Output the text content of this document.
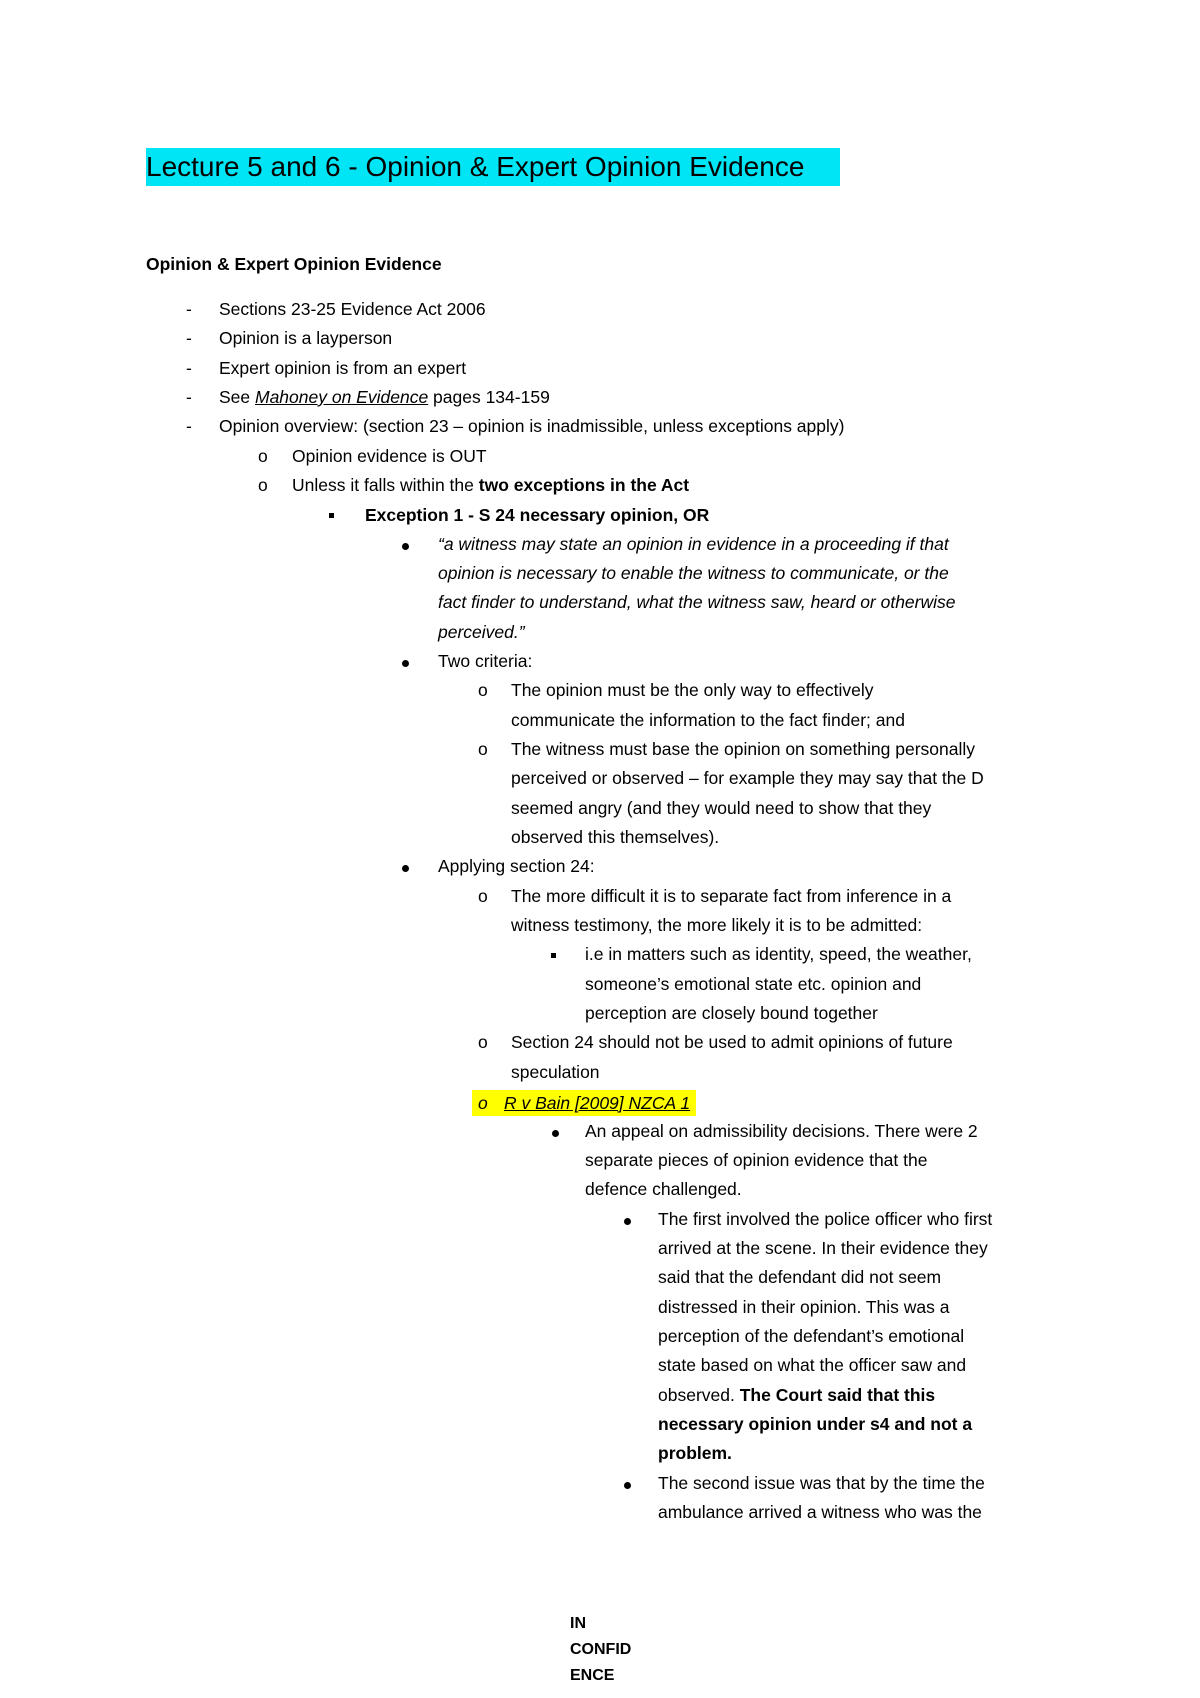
Lecture 5 and 6 - Opinion & Expert Opinion Evidence
Opinion & Expert Opinion Evidence
- Sections 23-25 Evidence Act 2006
- Opinion is a layperson
- Expert opinion is from an expert
- See Mahoney on Evidence pages 134-159
- Opinion overview: (section 23 – opinion is inadmissible, unless exceptions apply)
o Opinion evidence is OUT
o Unless it falls within the two exceptions in the Act
Exception 1 - S 24 necessary opinion, OR
“a witness may state an opinion in evidence in a proceeding if that
opinion is necessary to enable the witness to communicate, or the
fact finder to understand, what the witness saw, heard or otherwise
perceived.”
Two criteria:
o The opinion must be the only way to effectively
communicate the information to the fact finder; and
o The witness must base the opinion on something personally
perceived or observed – for example they may say that the D
seemed angry (and they would need to show that they
observed this themselves).
Applying section 24:
o The more difficult it is to separate fact from inference in a
witness testimony, the more likely it is to be admitted:
i.e in matters such as identity, speed, the weather,
someone’s emotional state etc. opinion and
perception are closely bound together
o Section 24 should not be used to admit opinions of future
speculation
o R v Bain [2009] NZCA 1
An appeal on admissibility decisions. There were 2
separate pieces of opinion evidence that the
defence challenged.
The first involved the police officer who first
arrived at the scene. In their evidence they
said that the defendant did not seem
distressed in their opinion. This was a
perception of the defendant’s emotional
state based on what the officer saw and
observed. The Court said that this
necessary opinion under s4 and not a
problem.
The second issue was that by the time the
ambulance arrived a witness who was the
IN
CONFID
ENCE
